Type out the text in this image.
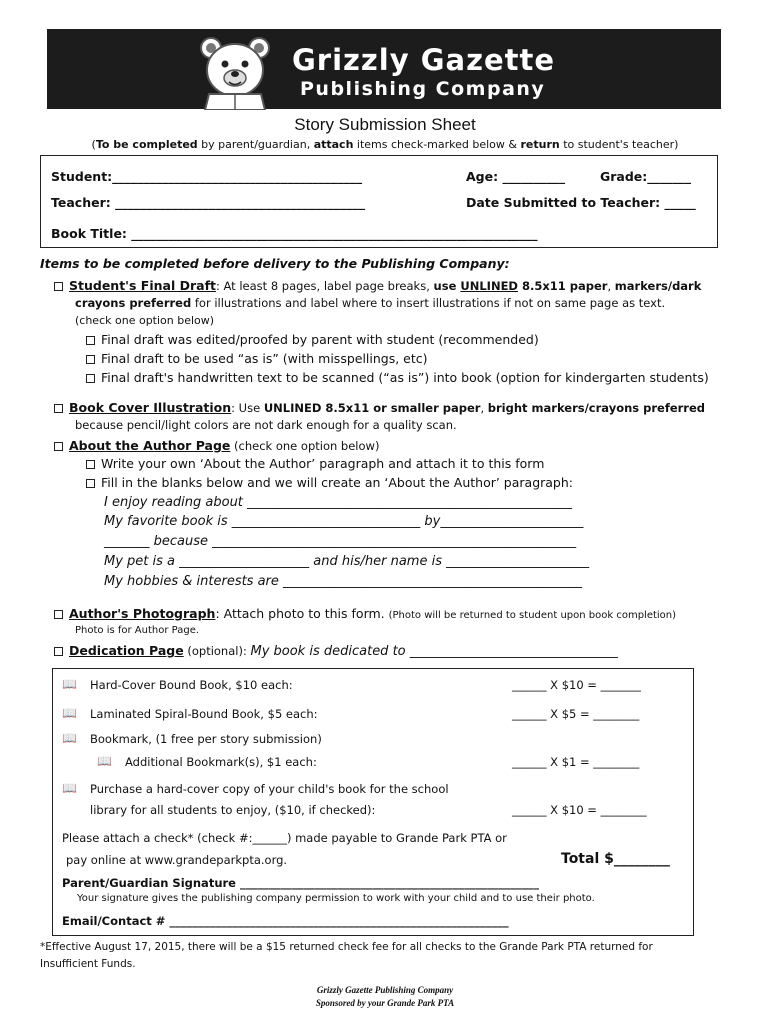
Grizzly Gazette
Publishing Company
Story Submission Sheet
(To be completed by parent/guardian, attach items check-marked below & return to student's teacher)
Student:________________________________________	Age: __________	Grade:_______
Teacher: ________________________________________	Date Submitted to Teacher: _____
Book Title: _________________________________________________________________
Items to be completed before delivery to the Publishing Company:
Student's Final Draft: At least 8 pages, label page breaks, use UNLINED 8.5x11 paper, markers/dark
crayons preferred for illustrations and label where to insert illustrations if not on same page as text.
(check one option below)
Final draft was edited/proofed by parent with student (recommended)
Final draft to be used “as is” (with misspellings, etc)
Final draft's handwritten text to be scanned (“as is”) into book (option for kindergarten students)
Book Cover Illustration: Use UNLINED 8.5x11 or smaller paper, bright markers/crayons preferred
because pencil/light colors are not dark enough for a quality scan.
About the Author Page (check one option below)
Write your own ‘About the Author’ paragraph and attach it to this form
Fill in the blanks below and we will create an ‘About the Author’ paragraph:
I enjoy reading about __________________________________________________
My favorite book is _____________________________ by______________________
_______ because ________________________________________________________
My pet is a ____________________ and his/her name is ______________________
My hobbies & interests are ______________________________________________
Author's Photograph: Attach photo to this form. (Photo will be returned to student upon book completion)
Photo is for Author Page.
Dedication Page (optional): My book is dedicated to ________________________________
📖 Hard-Cover Bound Book, $10 each:	______ X $10 = _______
📖 Laminated Spiral-Bound Book, $5 each:	______ X $5 = ________
📖 Bookmark, (1 free per story submission)
📖 Additional Bookmark(s), $1 each:	______ X $1 = ________
📖 Purchase a hard-cover copy of your child's book for the school
library for all students to enjoy, ($10, if checked):	______ X $10 = ________
Please attach a check* (check #:______) made payable to Grande Park PTA or
pay online at www.grandeparkpta.org.	Total $________
Parent/Guardian Signature ____________________________________________________
Your signature gives the publishing company permission to work with your child and to use their photo.
Email/Contact # ___________________________________________________________
*Effective August 17, 2015, there will be a $15 returned check fee for all checks to the Grande Park PTA returned for
Insufficient Funds.
Grizzly Gazette Publishing Company
Sponsored by your Grande Park PTA
